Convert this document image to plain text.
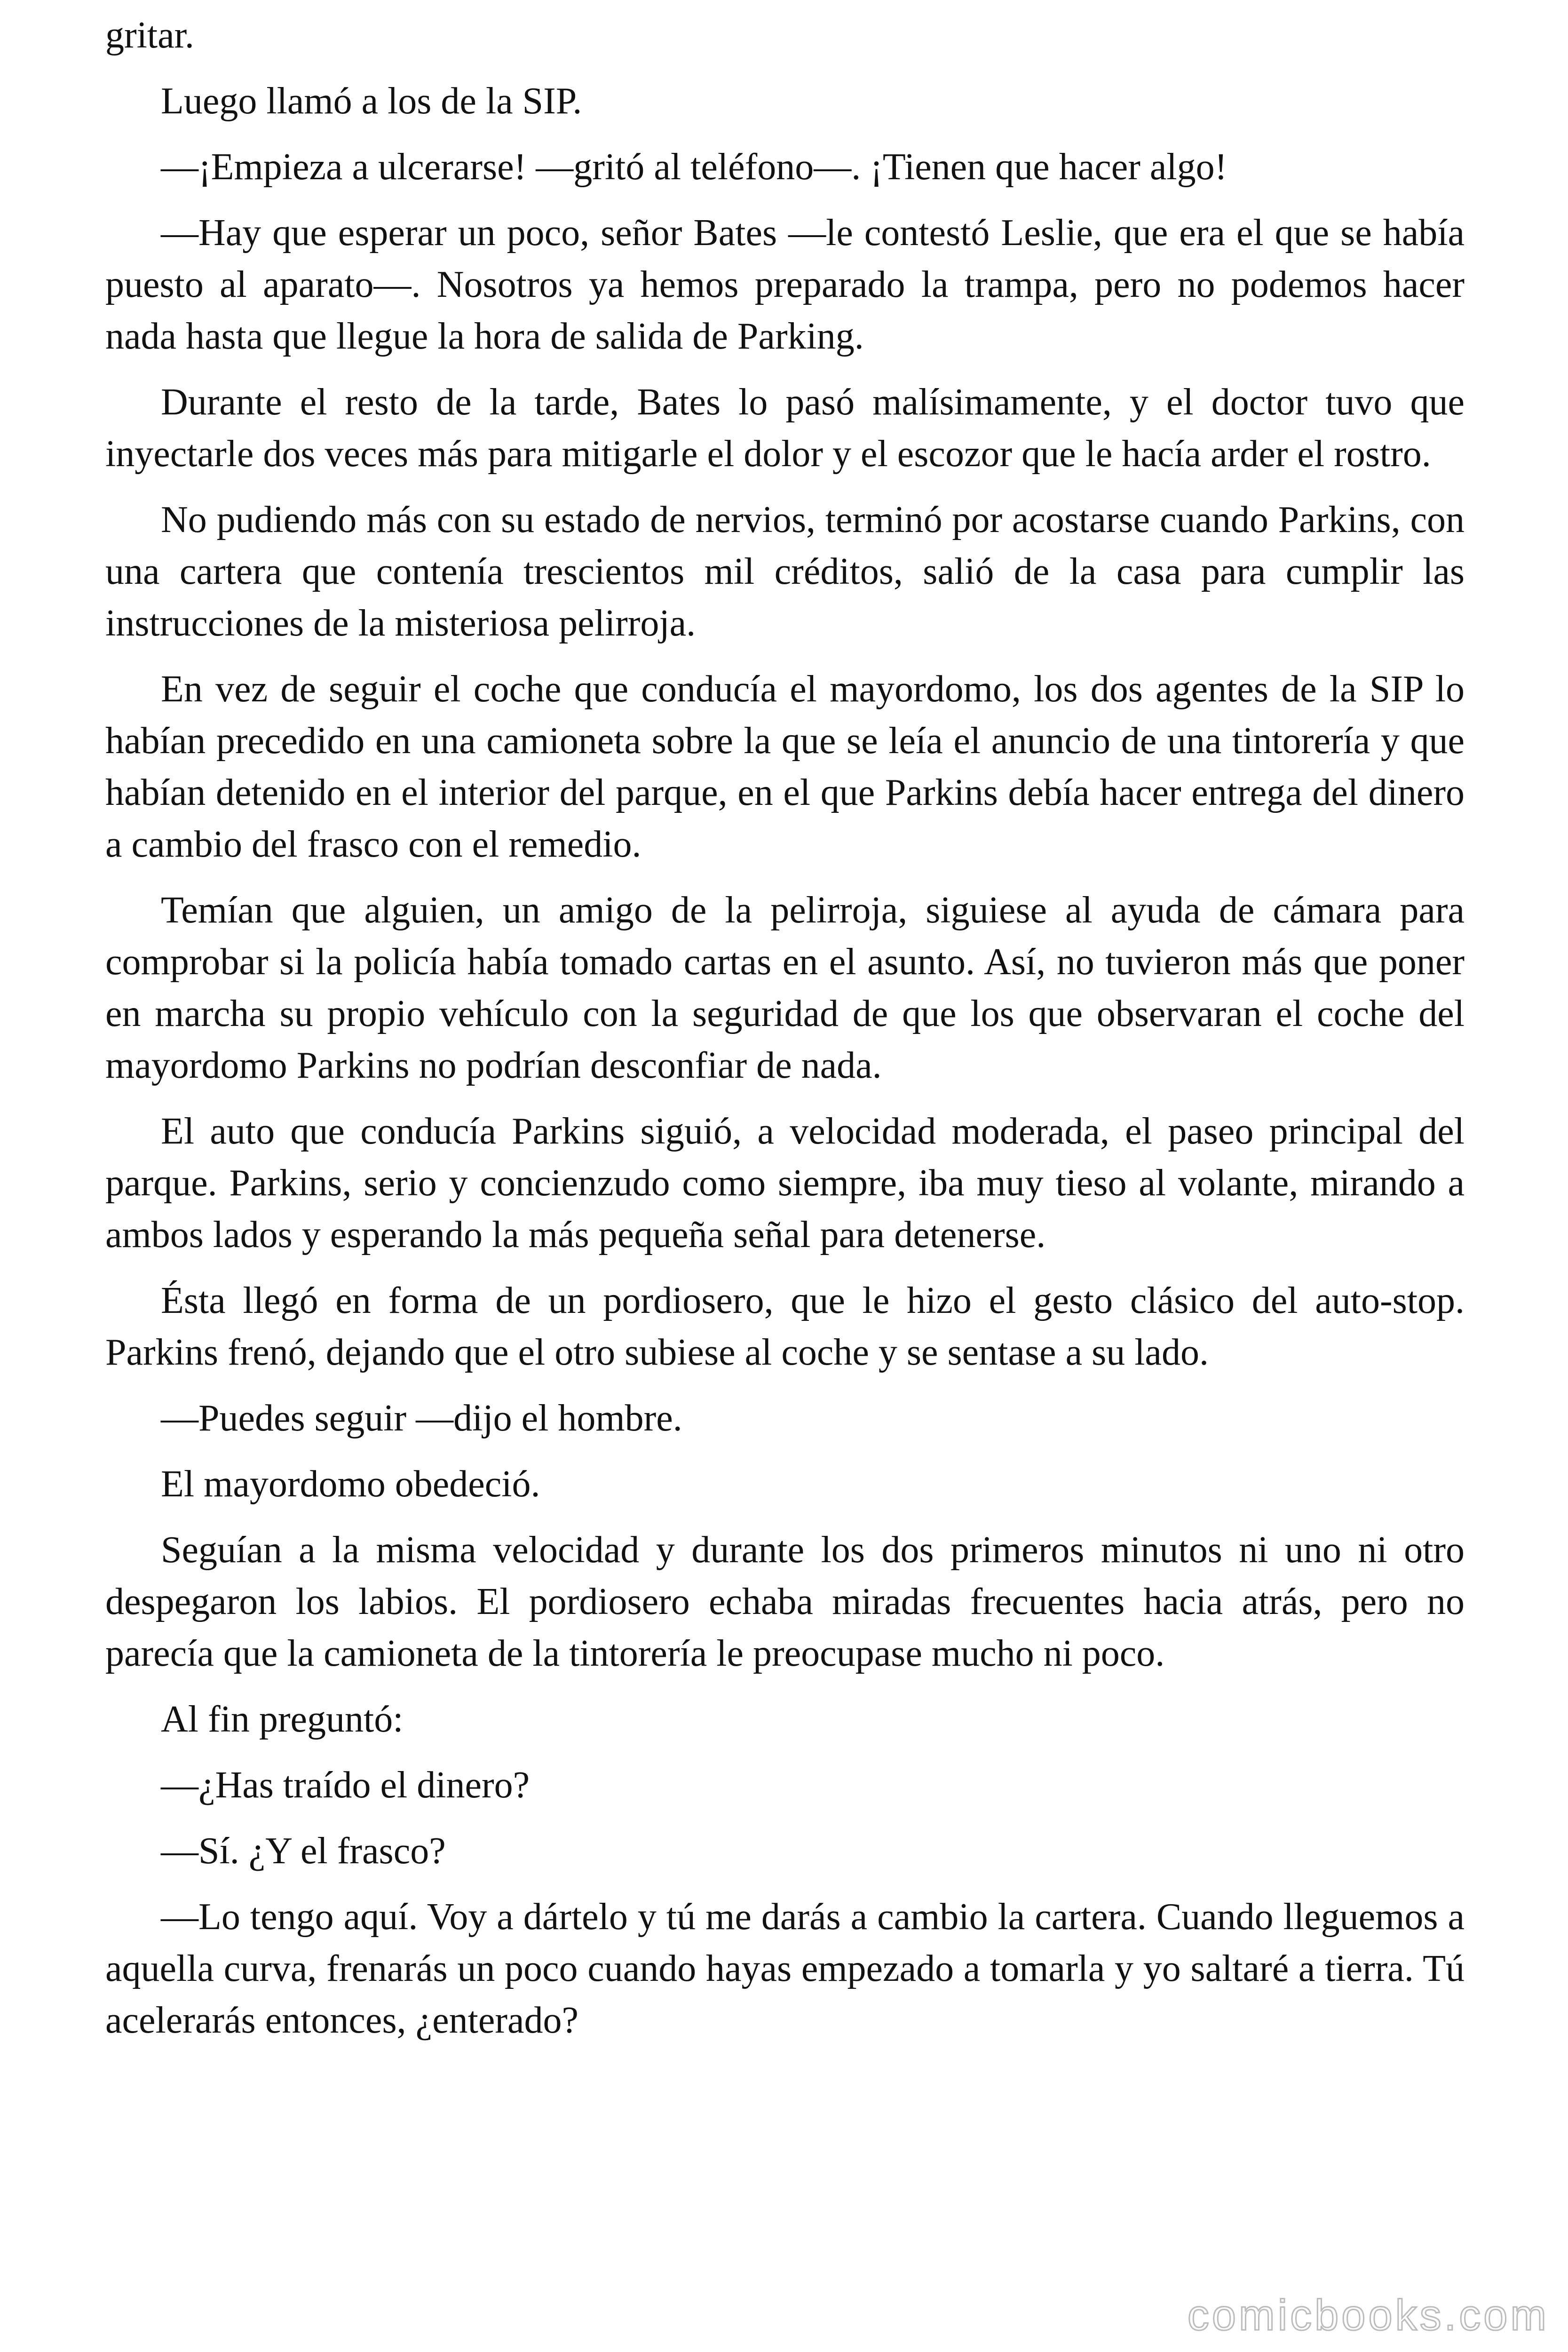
gritar.

Luego llamó a los de la SIP.

—¡Empieza a ulcerarse! —gritó al teléfono—. ¡Tienen que hacer algo!

—Hay que esperar un poco, señor Bates —le contestó Leslie, que era el que se había puesto al aparato—. Nosotros ya hemos preparado la trampa, pero no podemos hacer nada hasta que llegue la hora de salida de Parking.

Durante el resto de la tarde, Bates lo pasó malísimamente, y el doctor tuvo que inyectarle dos veces más para mitigarle el dolor y el escozor que le hacía arder el rostro.

No pudiendo más con su estado de nervios, terminó por acostarse cuando Parkins, con una cartera que contenía trescientos mil créditos, salió de la casa para cumplir las instrucciones de la misteriosa pelirroja.

En vez de seguir el coche que conducía el mayordomo, los dos agentes de la SIP lo habían precedido en una camioneta sobre la que se leía el anuncio de una tintorería y que habían detenido en el interior del parque, en el que Parkins debía hacer entrega del dinero a cambio del frasco con el remedio.

Temían que alguien, un amigo de la pelirroja, siguiese al ayuda de cámara para comprobar si la policía había tomado cartas en el asunto. Así, no tuvieron más que poner en marcha su propio vehículo con la seguridad de que los que observaran el coche del mayordomo Parkins no podrían desconfiar de nada.

El auto que conducía Parkins siguió, a velocidad moderada, el paseo principal del parque. Parkins, serio y concienzudo como siempre, iba muy tieso al volante, mirando a ambos lados y esperando la más pequeña señal para detenerse.

Ésta llegó en forma de un pordiosero, que le hizo el gesto clásico del auto-stop. Parkins frenó, dejando que el otro subiese al coche y se sentase a su lado.

—Puedes seguir —dijo el hombre.

El mayordomo obedeció.

Seguían a la misma velocidad y durante los dos primeros minutos ni uno ni otro despegaron los labios. El pordiosero echaba miradas frecuentes hacia atrás, pero no parecía que la camioneta de la tintorería le preocupase mucho ni poco.

Al fin preguntó:

—¿Has traído el dinero?

—Sí. ¿Y el frasco?

—Lo tengo aquí. Voy a dártelo y tú me darás a cambio la cartera. Cuando lleguemos a aquella curva, frenarás un poco cuando hayas empezado a tomarla y yo saltaré a tierra. Tú acelerarás entonces, ¿enterado?

comicbooks.com
